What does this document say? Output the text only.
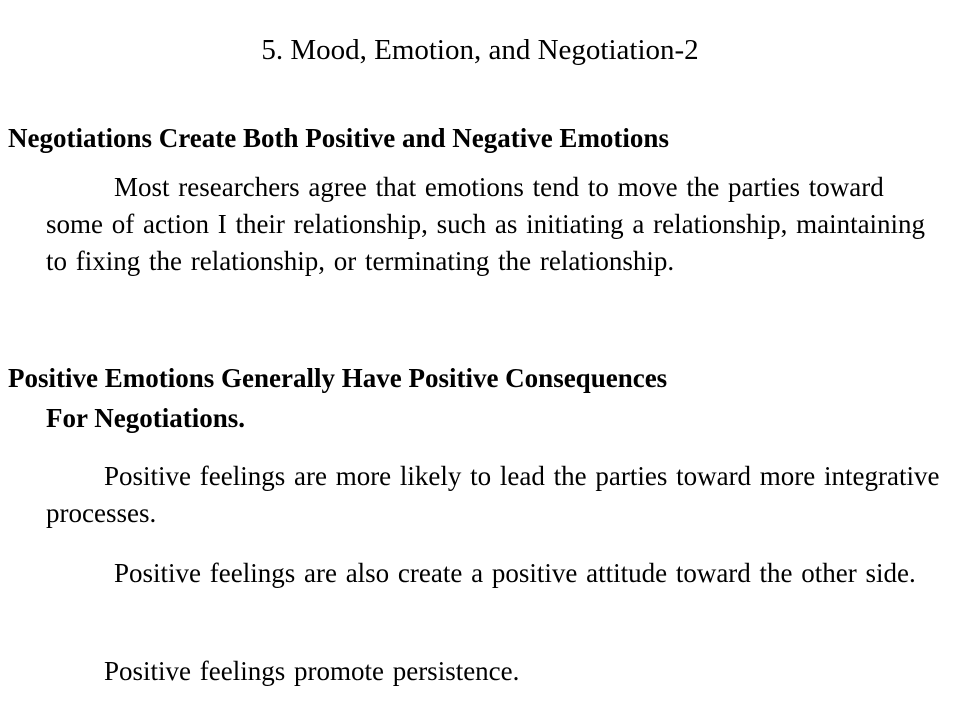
5. Mood, Emotion, and Negotiation-2

Negotiations Create Both Positive and Negative Emotions

Most researchers agree that emotions tend to move the parties toward some of action I their relationship, such as initiating a relationship, maintaining to fixing the relationship, or terminating the relationship.

Positive Emotions Generally Have Positive Consequences
For Negotiations.

Positive feelings are more likely to lead the parties toward more integrative processes.

Positive feelings are also create a positive attitude toward the other side.

Positive feelings promote persistence.
